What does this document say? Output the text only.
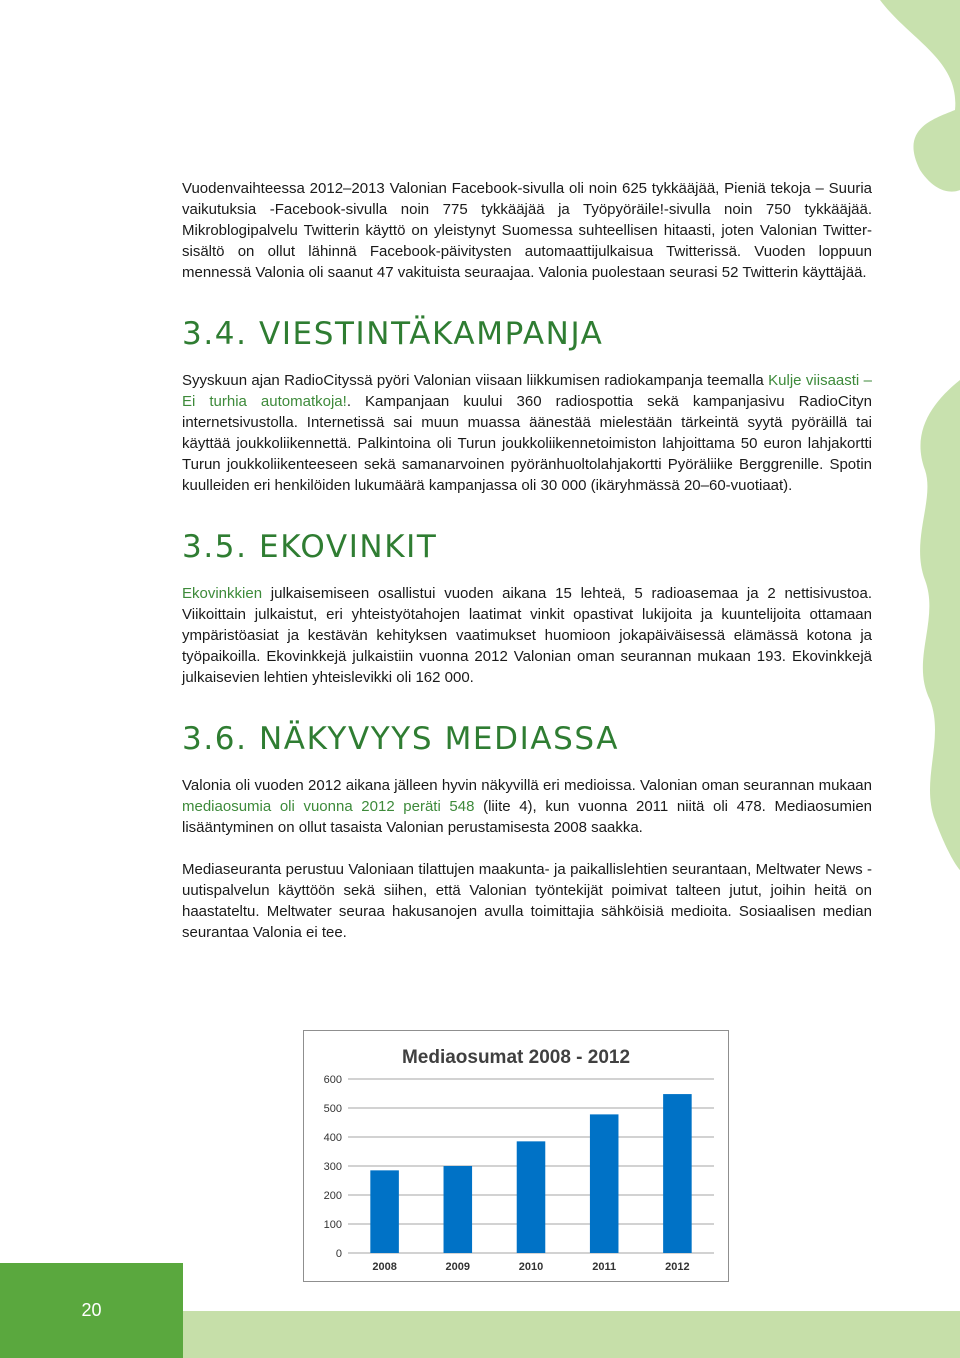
Vuodenvaihteessa 2012–2013 Valonian Facebook-sivulla oli noin 625 tykkääjää, Pieniä tekoja – Suuria vaikutuksia -Facebook-sivulla noin 775 tykkääjää ja Työpyöräile!-sivulla noin 750 tykkääjää. Mikroblogipalvelu Twitterin käyttö on yleistynyt Suomessa suhteellisen hitaasti, joten Valonian Twitter-sisältö on ollut lähinnä Facebook-päivitysten automaattijulkaisua Twitterissä. Vuoden loppuun mennessä Valonia oli saanut 47 vakituista seuraajaa. Valonia puolestaan seurasi 52 Twitterin käyttäjää.

3.4. VIESTINTÄKAMPANJA

Syyskuun ajan RadioCityssä pyöri Valonian viisaan liikkumisen radiokampanja teemalla Kulje viisaasti – Ei turhia automatkoja!. Kampanjaan kuului 360 radiospottia sekä kampanjasivu RadioCityn internetsivustolla. Internetissä sai muun muassa äänestää mielestään tärkeintä syytä pyöräillä tai käyttää joukkoliikennettä. Palkintoina oli Turun joukkoliikennetoimiston lahjoittama 50 euron lahjakortti Turun joukkoliikenteeseen sekä samanarvoinen pyöränhuoltolahjakortti Pyöräliike Berggrenille. Spotin kuulleiden eri henkilöiden lukumäärä kampanjassa oli 30 000 (ikäryhmässä 20–60-vuotiaat).

3.5. EKOVINKIT

Ekovinkkien julkaisemiseen osallistui vuoden aikana 15 lehteä, 5 radioasemaa ja 2 nettisivustoa. Viikoittain julkaistut, eri yhteistyötahojen laatimat vinkit opastivat lukijoita ja kuuntelijoita ottamaan ympäristöasiat ja kestävän kehityksen vaatimukset huomioon jokapäiväisessä elämässä kotona ja työpaikoilla. Ekovinkkejä julkaistiin vuonna 2012 Valonian oman seurannan mukaan 193. Ekovinkkejä julkaisevien lehtien yhteislevikki oli 162 000.

3.6. NÄKYVYYS MEDIASSA

Valonia oli vuoden 2012 aikana jälleen hyvin näkyvillä eri medioissa. Valonian oman seurannan mukaan mediaosumia oli vuonna 2012 peräti 548 (liite 4), kun vuonna 2011 niitä oli 478. Mediaosumien lisääntyminen on ollut tasaista Valonian perustamisesta 2008 saakka.

Mediaseuranta perustuu Valoniaan tilattujen maakunta- ja paikallislehtien seurantaan, Meltwater News -uutispalvelun käyttöön sekä siihen, että Valonian työntekijät poimivat talteen jutut, joihin heitä on haastateltu. Meltwater seuraa hakusanojen avulla toimittajia sähköisiä medioita. Sosiaalisen median seurantaa Valonia ei tee.

Mediaosumat 2008 - 2012
0
100
200
300
400
500
600
2008	2009	2010	2011	2012
20
